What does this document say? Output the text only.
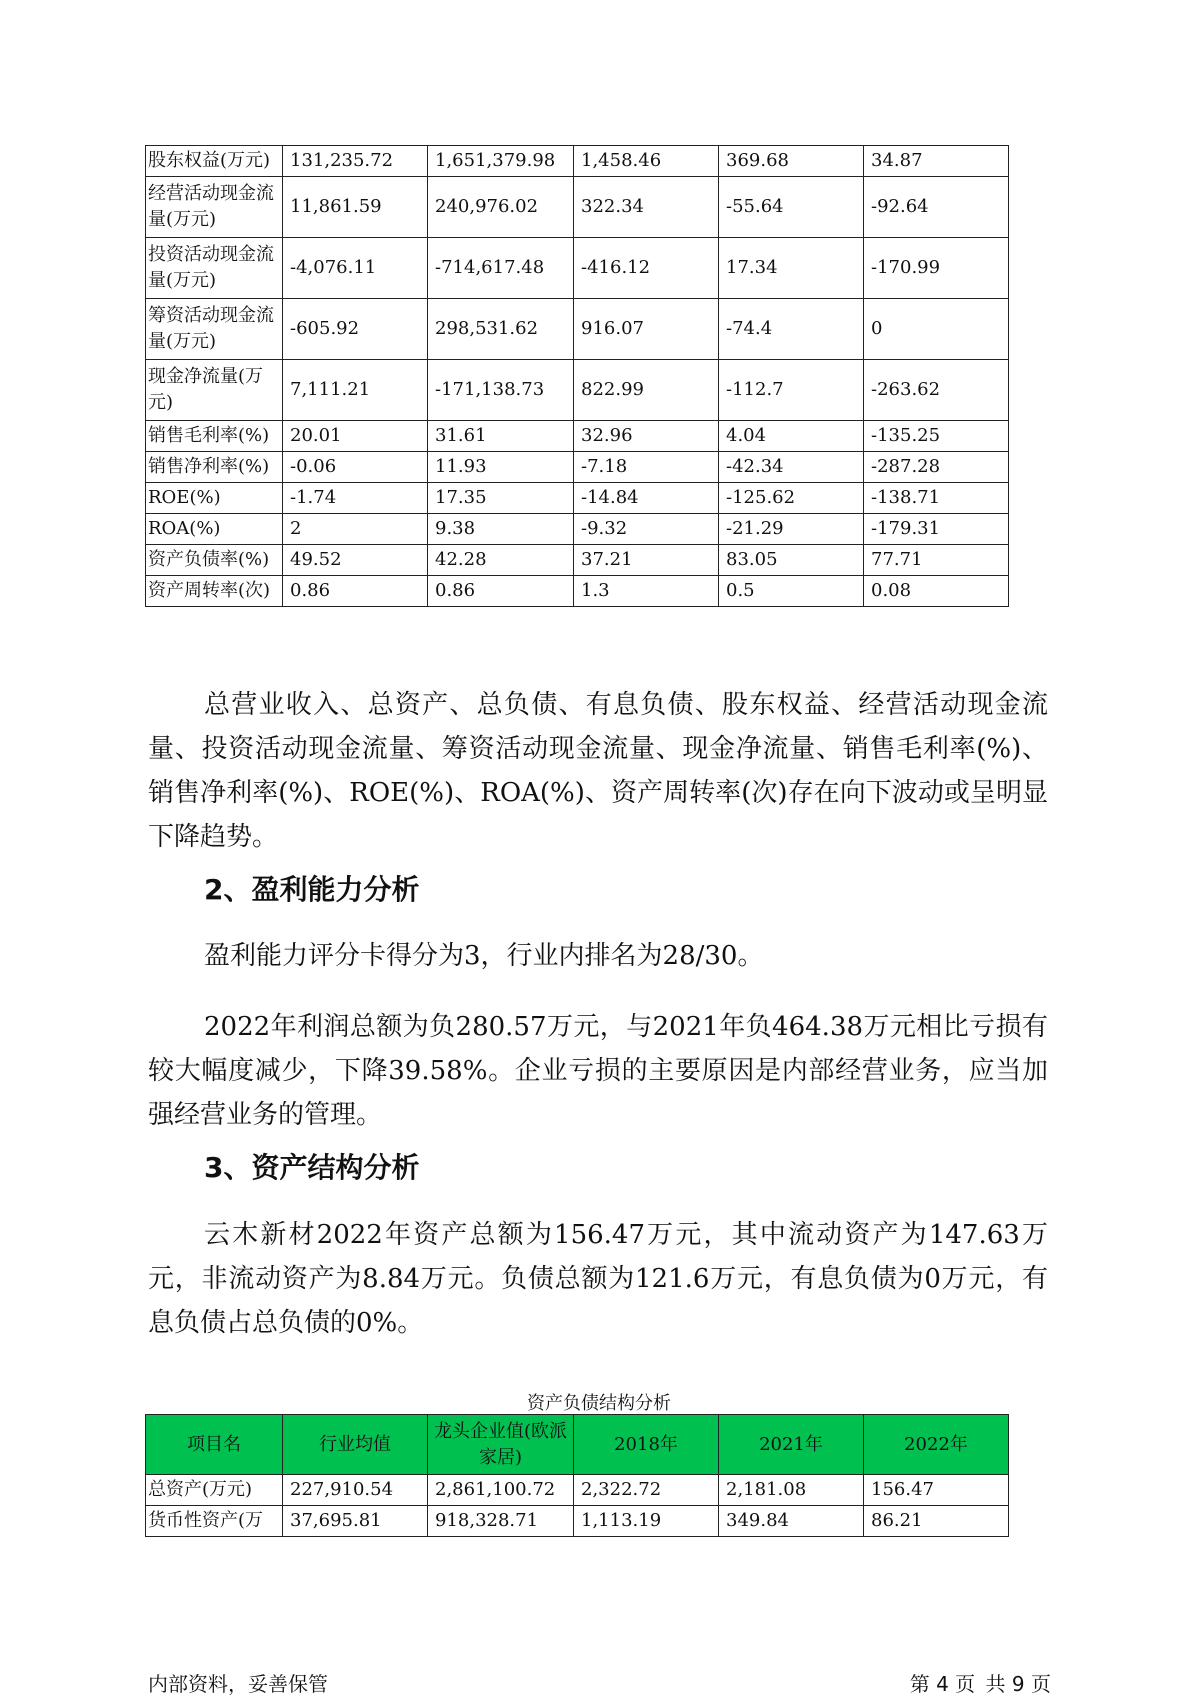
股东权益(万元)	131,235.72	1,651,379.98	1,458.46	369.68	34.87
经营活动现金流量(万元)	11,861.59	240,976.02	322.34	-55.64	-92.64
投资活动现金流量(万元)	-4,076.11	-714,617.48	-416.12	17.34	-170.99
筹资活动现金流量(万元)	-605.92	298,531.62	916.07	-74.4	0
现金净流量(万元)	7,111.21	-171,138.73	822.99	-112.7	-263.62
销售毛利率(%)	20.01	31.61	32.96	4.04	-135.25
销售净利率(%)	-0.06	11.93	-7.18	-42.34	-287.28
ROE(%)	-1.74	17.35	-14.84	-125.62	-138.71
ROA(%)	2	9.38	-9.32	-21.29	-179.31
资产负债率(%)	49.52	42.28	37.21	83.05	77.71
资产周转率(次)	0.86	0.86	1.3	0.5	0.08

总营业收入、总资产、总负债、有息负债、股东权益、经营活动现金流量、投资活动现金流量、筹资活动现金流量、现金净流量、销售毛利率(%)、销售净利率(%)、ROE(%)、ROA(%)、资产周转率(次)存在向下波动或呈明显下降趋势。

2、盈利能力分析

盈利能力评分卡得分为3，行业内排名为28/30。

2022年利润总额为负280.57万元，与2021年负464.38万元相比亏损有较大幅度减少，下降39.58%。企业亏损的主要原因是内部经营业务，应当加强经营业务的管理。

3、资产结构分析

云木新材2022年资产总额为156.47万元，其中流动资产为147.63万元，非流动资产为8.84万元。负债总额为121.6万元，有息负债为0万元，有息负债占总负债的0%。

资产负债结构分析
项目名	行业均值	龙头企业值(欧派家居)	2018年	2021年	2022年
总资产(万元)	227,910.54	2,861,100.72	2,322.72	2,181.08	156.47
货币性资产(万	37,695.81	918,328.71	1,113.19	349.84	86.21
内部资料，妥善保管	第 4 页 共 9 页
